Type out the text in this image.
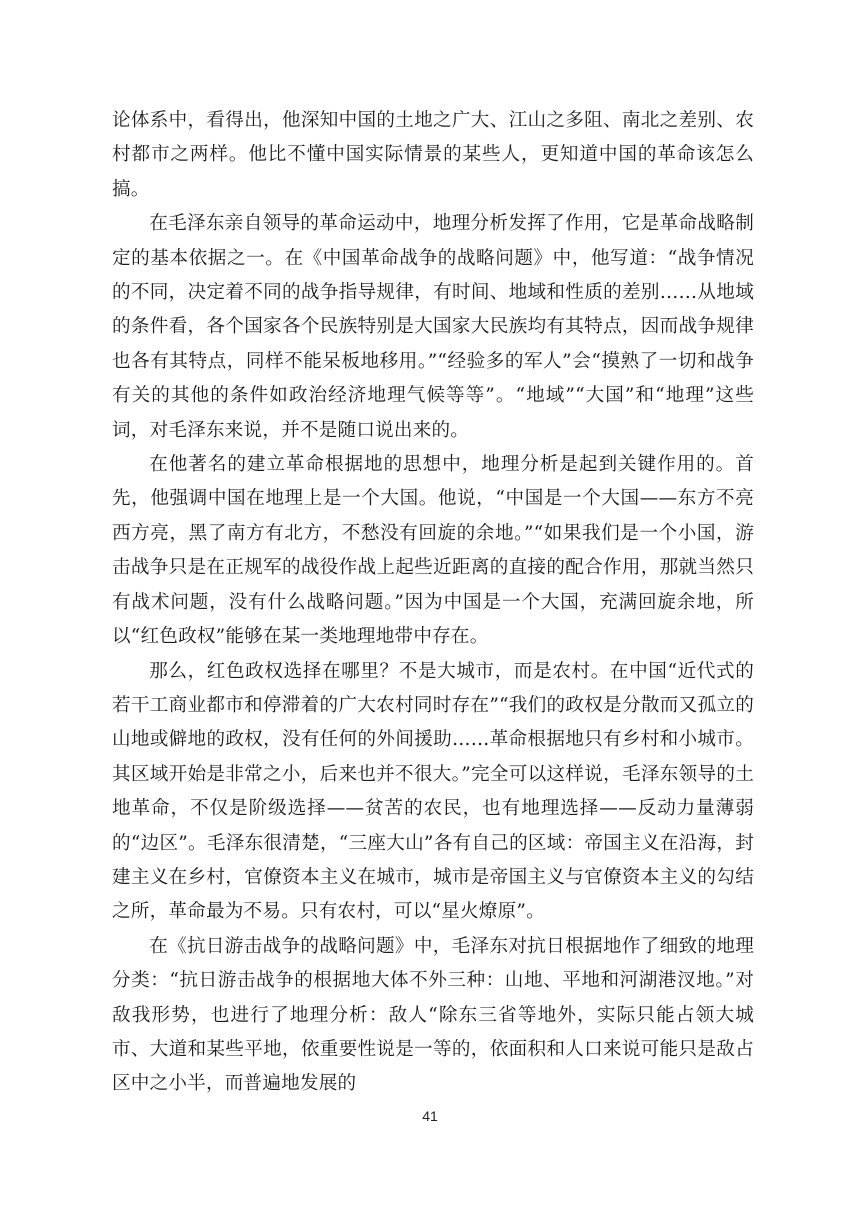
论体系中，看得出，他深知中国的土地之广大、江山之多阻、南北之差别、农村都市之两样。他比不懂中国实际情景的某些人，更知道中国的革命该怎么搞。

在毛泽东亲自领导的革命运动中，地理分析发挥了作用，它是革命战略制定的基本依据之一。在《中国革命战争的战略问题》中，他写道：“战争情况的不同，决定着不同的战争指导规律，有时间、地域和性质的差别……从地域的条件看，各个国家各个民族特别是大国家大民族均有其特点，因而战争规律也各有其特点，同样不能呆板地移用。”“经验多的军人”会“摸熟了一切和战争有关的其他的条件如政治经济地理气候等等”。“地域”“大国”和“地理”这些词，对毛泽东来说，并不是随口说出来的。

在他著名的建立革命根据地的思想中，地理分析是起到关键作用的。首先，他强调中国在地理上是一个大国。他说，“中国是一个大国——东方不亮西方亮，黑了南方有北方，不愁没有回旋的余地。”“如果我们是一个小国，游击战争只是在正规军的战役作战上起些近距离的直接的配合作用，那就当然只有战术问题，没有什么战略问题。”因为中国是一个大国，充满回旋余地，所以“红色政权”能够在某一类地理地带中存在。

那么，红色政权选择在哪里？不是大城市，而是农村。在中国“近代式的若干工商业都市和停滞着的广大农村同时存在”“我们的政权是分散而又孤立的山地或僻地的政权，没有任何的外间援助……革命根据地只有乡村和小城市。其区域开始是非常之小，后来也并不很大。”完全可以这样说，毛泽东领导的土地革命，不仅是阶级选择——贫苦的农民，也有地理选择——反动力量薄弱的“边区”。毛泽东很清楚，“三座大山”各有自己的区域：帝国主义在沿海，封建主义在乡村，官僚资本主义在城市，城市是帝国主义与官僚资本主义的勾结之所，革命最为不易。只有农村，可以“星火燎原”。

在《抗日游击战争的战略问题》中，毛泽东对抗日根据地作了细致的地理分类：“抗日游击战争的根据地大体不外三种：山地、平地和河湖港汊地。”对敌我形势，也进行了地理分析：敌人“除东三省等地外，实际只能占领大城市、大道和某些平地，依重要性说是一等的，依面积和人口来说可能只是敌占区中之小半，而普遍地发展的

41
